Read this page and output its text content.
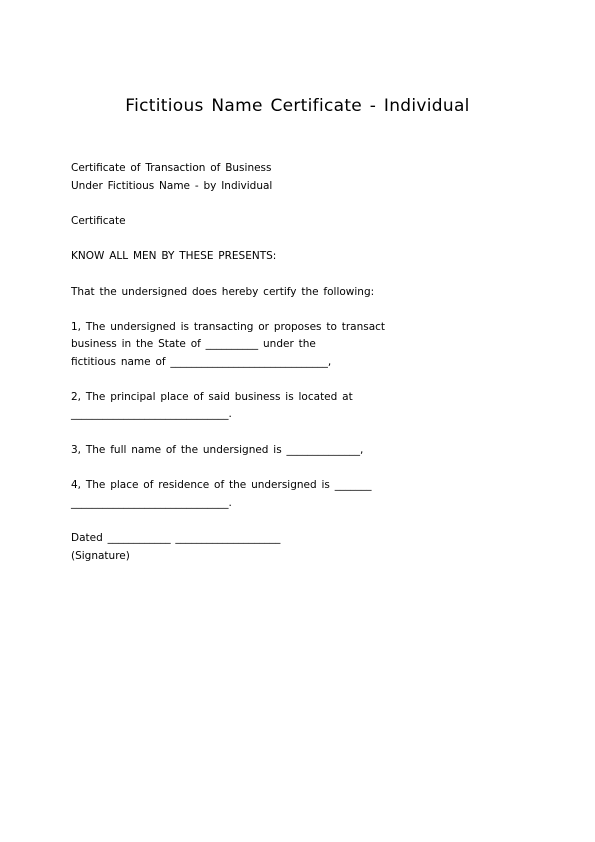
Fictitious Name Certificate - Individual
Certificate of Transaction of Business
Under Fictitious Name - by Individual
Certificate
KNOW ALL MEN BY THESE PRESENTS:
That the undersigned does hereby certify the following:
1, The undersigned is transacting or proposes to transact
business in the State of __________ under the
fictitious name of ______________________________,
2, The principal place of said business is located at
______________________________.
3, The full name of the undersigned is ______________,
4, The place of residence of the undersigned is _______
______________________________.
Dated ____________ ____________________
(Signature)
